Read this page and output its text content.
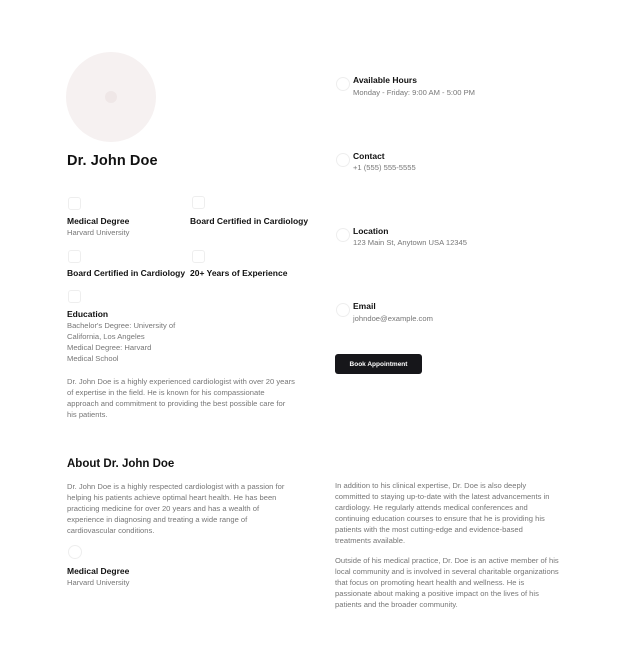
Dr. John Doe
Medical Degree
Harvard University
Board Certified in Cardiology
Board Certified in Cardiology 20+ Years of Experience
Education
Bachelor's Degree: University of
California, Los Angeles
Medical Degree: Harvard
Medical School
Dr. John Doe is a highly experienced cardiologist with over 20 years
of expertise in the field. He is known for his compassionate
approach and commitment to providing the best possible care for
his patients.
Available Hours
Monday - Friday: 9:00 AM - 5:00 PM
Contact
+1 (555) 555-5555
Location
123 Main St, Anytown USA 12345
Email
johndoe@example.com
Book Appointment
About Dr. John Doe
Dr. John Doe is a highly respected cardiologist with a passion for
helping his patients achieve optimal heart health. He has been
practicing medicine for over 20 years and has a wealth of
experience in diagnosing and treating a wide range of
cardiovascular conditions.
Medical Degree
Harvard University
In addition to his clinical expertise, Dr. Doe is also deeply
committed to staying up-to-date with the latest advancements in
cardiology. He regularly attends medical conferences and
continuing education courses to ensure that he is providing his
patients with the most cutting-edge and evidence-based
treatments available.
Outside of his medical practice, Dr. Doe is an active member of his
local community and is involved in several charitable organizations
that focus on promoting heart health and wellness. He is
passionate about making a positive impact on the lives of his
patients and the broader community.
